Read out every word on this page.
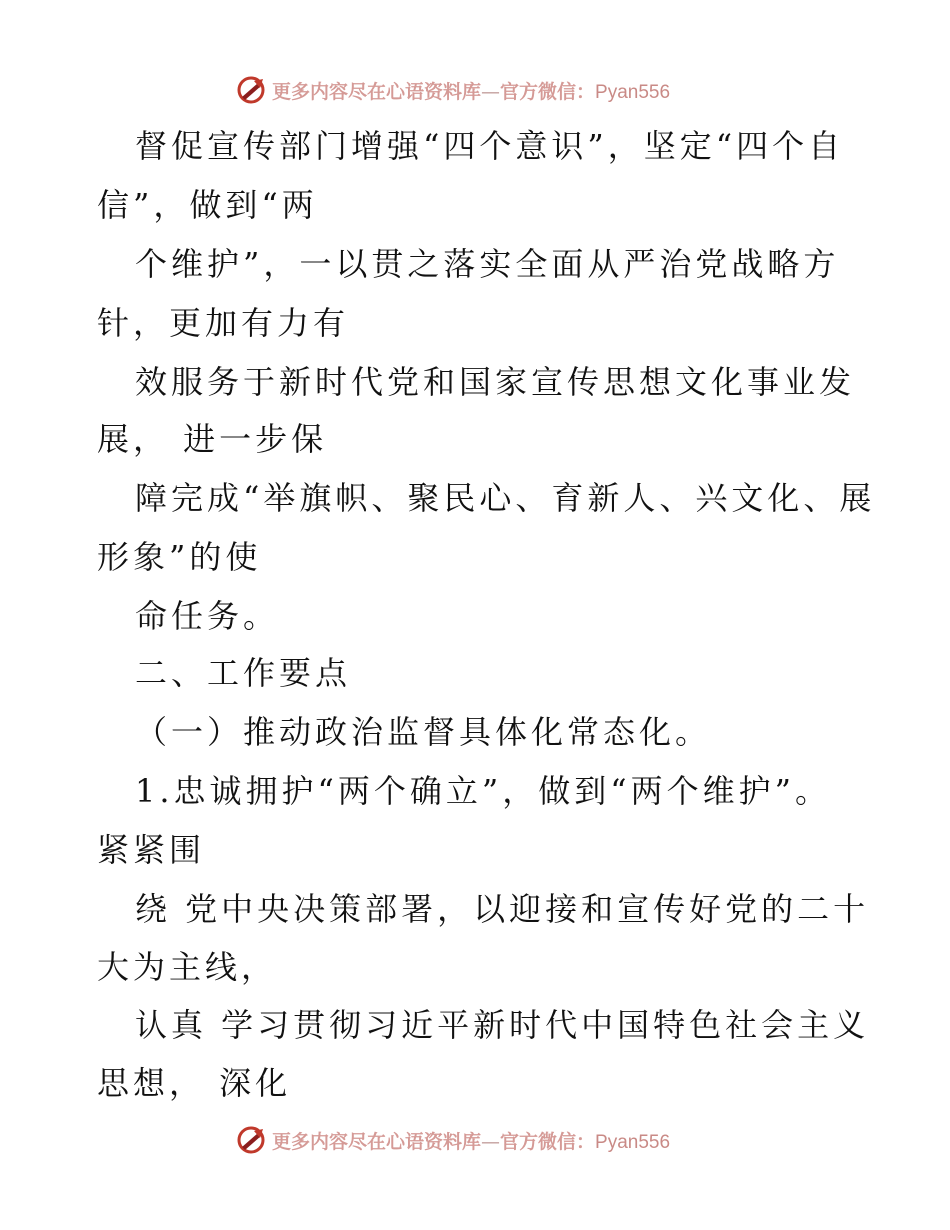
更多内容尽在心语资料库—官方微信：Pyan556
督促宣传部门增强“四个意识”，坚定“四个自
信”，做到“两
个维护”，一以贯之落实全面从严治党战略方
针，更加有力有
效服务于新时代党和国家宣传思想文化事业发
展， 进一步保
障完成“举旗帜、聚民心、育新人、兴文化、展
形象”的使
命任务。
二、工作要点
（一）推动政治监督具体化常态化。
1.忠诚拥护“两个确立”，做到“两个维护”。
紧紧围
绕 党中央决策部署，以迎接和宣传好党的二十
大为主线，
认真 学习贯彻习近平新时代中国特色社会主义
思想， 深化
更多内容尽在心语资料库—官方微信：Pyan556
